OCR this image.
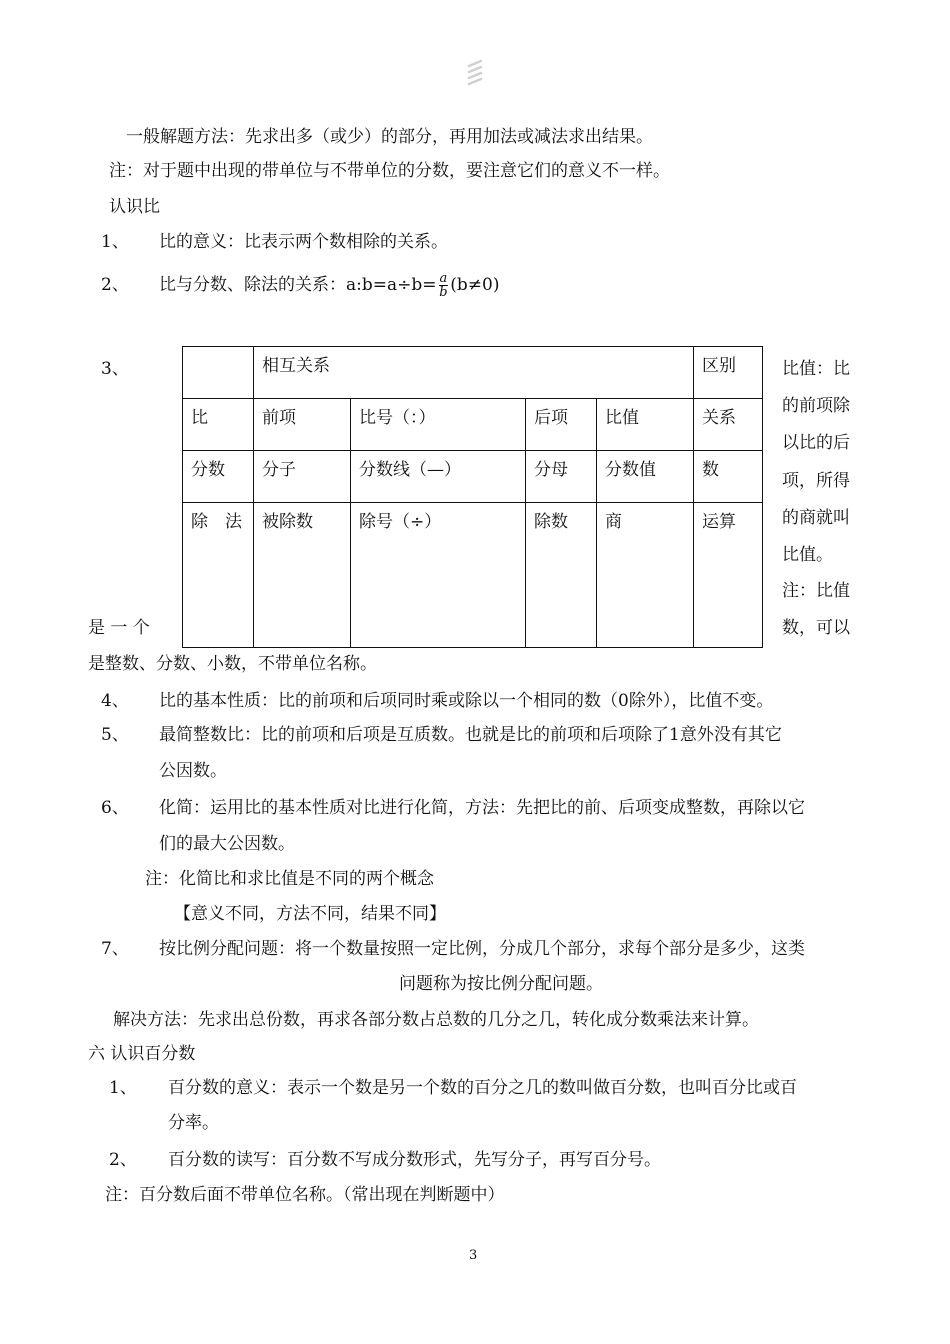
一般解题方法：先求出多（或少）的部分，再用加法或减法求出结果。
注：对于题中出现的带单位与不带单位的分数，要注意它们的意义不一样。
认识比
1、 比的意义：比表示两个数相除的关系。
2、 比与分数、除法的关系：a:b=a÷b= $\frac{a}{b} (b\ne 0)$
3、
是 一 个
	相互关系				区别
比	前项	比号（：）	后项	比值	关系
分数	分子	分数线（—）	分母	分数值	数
除　法	被除数	除号（÷）	除数	商	运算
比值：比
的前项除
以比的后
项，所得
的商就叫
比值。
注：比值
数，可以
是整数、分数、小数，不带单位名称。
4、 比的基本性质：比的前项和后项同时乘或除以一个相同的数（0除外），比值不变。
5、 最简整数比：比的前项和后项是互质数。也就是比的前项和后项除了1意外没有其它
公因数。
6、 化简：运用比的基本性质对比进行化简，方法：先把比的前、后项变成整数，再除以它
们的最大公因数。
注：化简比和求比值是不同的两个概念
【意义不同，方法不同，结果不同】
7、 按比例分配问题：将一个数量按照一定比例，分成几个部分，求每个部分是多少，这类
问题称为按比例分配问题。
解决方法：先求出总份数，再求各部分数占总数的几分之几，转化成分数乘法来计算。
六 认识百分数
1、 百分数的意义：表示一个数是另一个数的百分之几的数叫做百分数，也叫百分比或百
分率。
2、 百分数的读写：百分数不写成分数形式，先写分子，再写百分号。
注：百分数后面不带单位名称。（常出现在判断题中）
3
